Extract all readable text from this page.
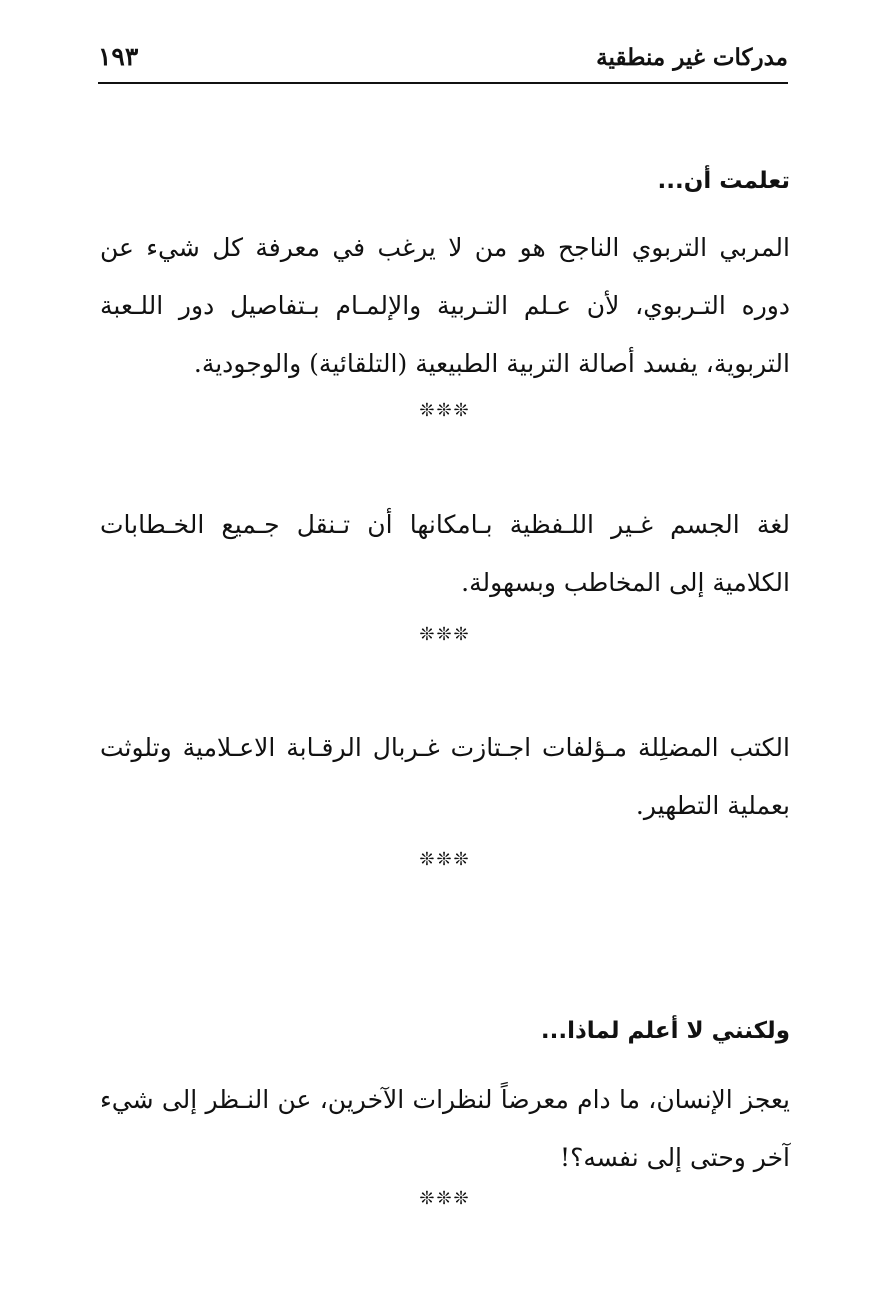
مدركات غير منطقية
١٩٣

تعلمت أن...

المربي التربوي الناجح هو من لا يرغب في معرفة كل شيء عن دوره التـربوي، لأن عـلم التـربية والإلمـام بـتفاصيل دور اللـعبة التربوية، يفسد أصالة التربية الطبيعية (التلقائية) والوجودية.

❊❊❊

لغة الجسم غـير اللـفظية بـامكانها أن تـنقل جـميع الخـطابات الكلامية إلى المخاطب وبسهولة.

❊❊❊

الكتب المضلِلة مـؤلفات اجـتازت غـربال الرقـابة الاعـلامية وتلوثت بعملية التطهير.

❊❊❊

ولكنني لا أعلم لماذا...

يعجز الإنسان، ما دام معرضاً لنظرات الآخرين، عن النـظر إلى شيء آخر وحتى إلى نفسه؟!

❊❊❊
